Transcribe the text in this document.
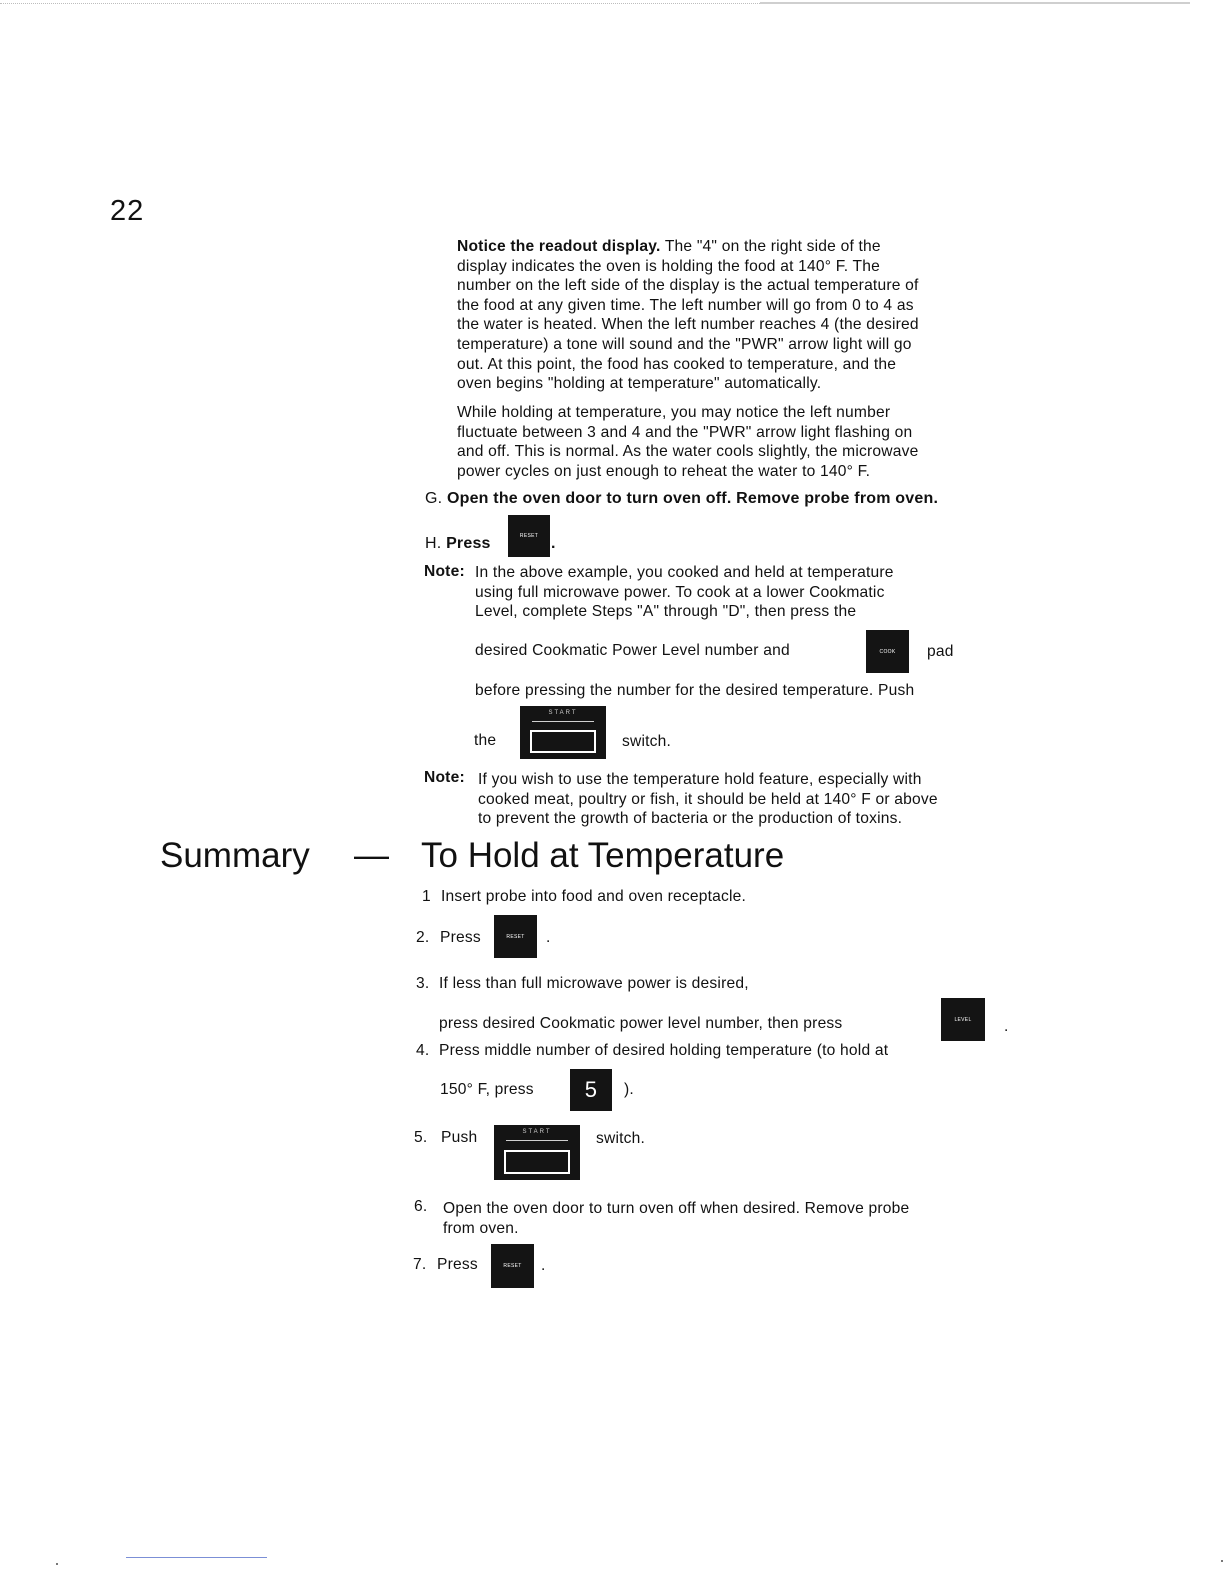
22
Notice the readout display. The "4" on the right side of the
display indicates the oven is holding the food at 140° F. The
number on the left side of the display is the actual temperature of
the food at any given time. The left number will go from 0 to 4 as
the water is heated. When the left number reaches 4 (the desired
temperature) a tone will sound and the "PWR" arrow light will go
out. At this point, the food has cooked to temperature, and the
oven begins "holding at temperature" automatically.
While holding at temperature, you may notice the left number
fluctuate between 3 and 4 and the "PWR" arrow light flashing on
and off. This is normal. As the water cools slightly, the microwave
power cycles on just enough to reheat the water to 140° F.
G. Open the oven door to turn oven off. Remove probe from oven.
H. Press	RESET .
Note: In the above example, you cooked and held at temperature
using full microwave power. To cook at a lower Cookmatic
Level, complete Steps "A" through "D", then press the
desired Cookmatic Power Level number and	COOK pad
before pressing the number for the desired temperature. Push
the
START
switch.
Note: If you wish to use the temperature hold feature, especially with
cooked meat, poultry or fish, it should be held at 140° F or above
to prevent the growth of bacteria or the production of toxins.
Summary — To Hold at Temperature
1 Insert probe into food and oven receptacle.
2. Press	RESET	.
3. If less than full microwave power is desired,
press desired Cookmatic power level number, then press	LEVEL .
4. Press middle number of desired holding temperature (to hold at
150° F, press	5	).
5. Push	START	switch.
6. Open the oven door to turn oven off when desired. Remove probe
from oven.
7. Press	RESET	.
